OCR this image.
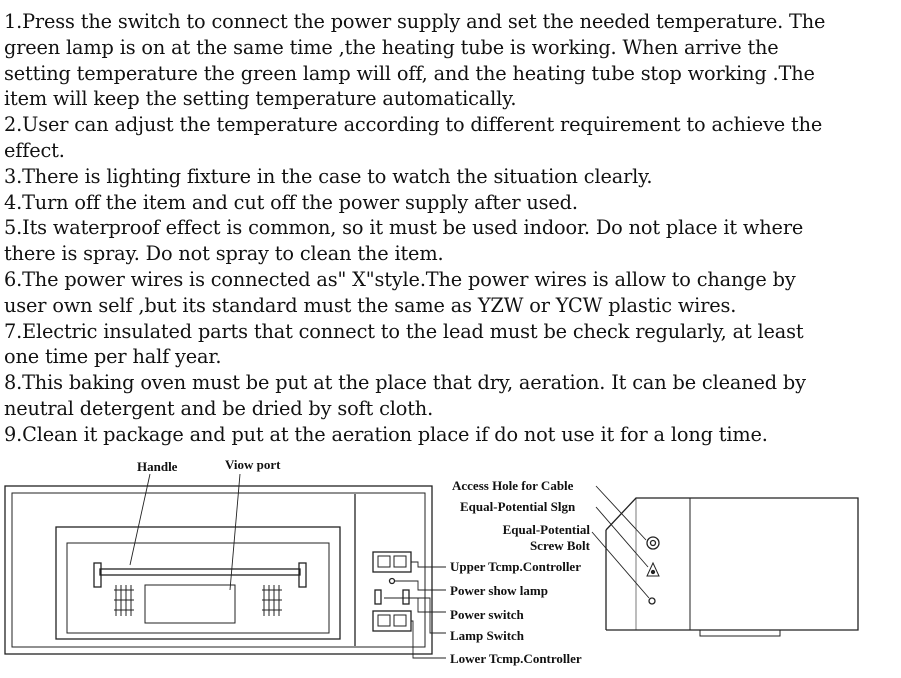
1.Press the switch to connect the power supply and set the needed temperature. The
green lamp is on at the same time ,the heating tube is working. When arrive the
setting temperature the green lamp will off, and the heating tube stop working .The
item will keep the setting temperature automatically.

2.User can adjust the temperature according to different requirement to achieve the
effect.

3.There is lighting fixture in the case to watch the situation clearly.

4.Turn off the item and cut off the power supply after used.

5.Its waterproof effect is common, so it must be used indoor. Do not place it where
there is spray. Do not spray to clean the item.

6.The power wires is connected as" X"style.The power wires is allow to change by
user own self ,but its standard must the same as YZW or YCW plastic wires.

7.Electric insulated parts that connect to the lead must be check regularly, at least
one time per half year.

8.This baking oven must be put at the place that dry, aeration. It can be cleaned by
neutral detergent and be dried by soft cloth.

9.Clean it package and put at the aeration place if do not use it for a long time.

Handle	Viow port
Upper Tcmp.Controller
Power show lamp
Power switch
Lamp Switch
Lower Tcmp.Controller
Access Hole for Cable
Equal-Potential Slgn
Equal-Potential
Screw Bolt
